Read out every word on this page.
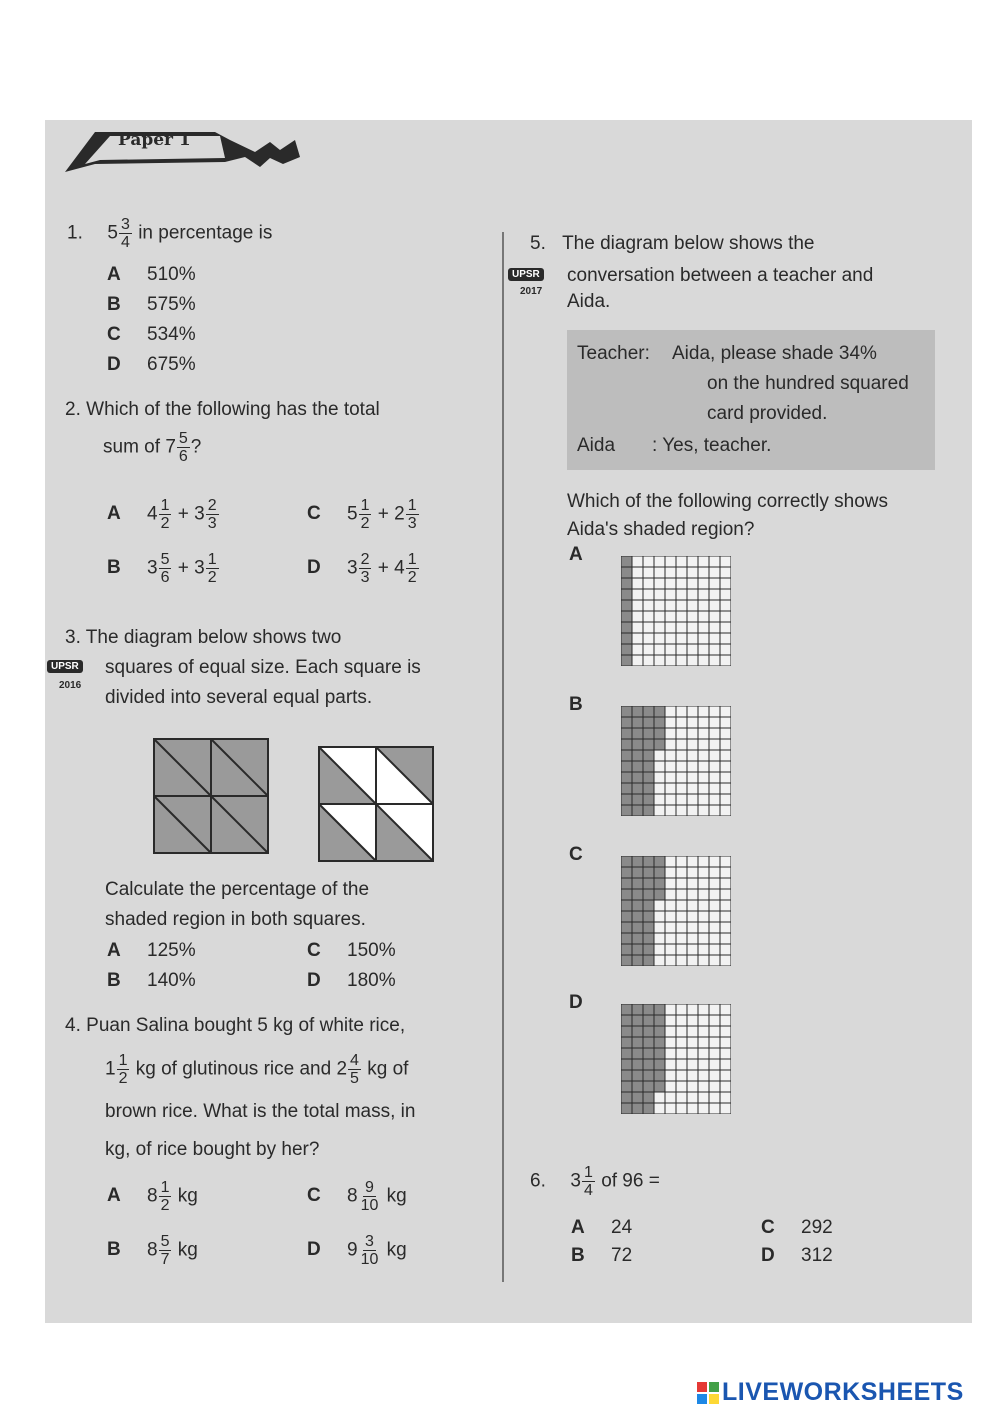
Paper 1
1. $5 \frac{3}{4}$ in percentage is
A 510%
B 575%
C 534%
D 675%
2. Which of the following has the total
sum of $7 \frac{5}{6}$ ?
A $4 \frac{1}{2} + 3 \frac{2}{3}$	C $5 \frac{1}{2} + 2 \frac{1}{3}$
B $3 \frac{5}{6} + 3 \frac{1}{2}$	D $3 \frac{2}{3} + 4 \frac{1}{2}$
3. The diagram below shows two
UPSR
2016
squares of equal size. Each square is
divided into several equal parts.
Calculate the percentage of the
shaded region in both squares.
A 125%	C 150%
B 140%	D 180%
4. Puan Salina bought 5 kg of white rice,
$1 \frac{1}{2}$ kg of glutinous rice and $2 \frac{4}{5}$ kg of
brown rice. What is the total mass, in
kg, of rice bought by her?
A $8 \frac{1}{2}$ kg	C $8 \frac{9}{10}$ kg
B $8 \frac{5}{7}$ kg	D $9 \frac{3}{10}$ kg
5. The diagram below shows the
UPSR
2017
conversation between a teacher and
Aida.
Teacher: Aida, please shade 34%
on the hundred squared
card provided.
Aida : Yes, teacher.
Which of the following correctly shows
Aida's shaded region?
A
B
C
D
6. $3 \frac{1}{4}$ of 96 =
A 24	C 292
B 72	D 312
LIVEWORKSHEETS
